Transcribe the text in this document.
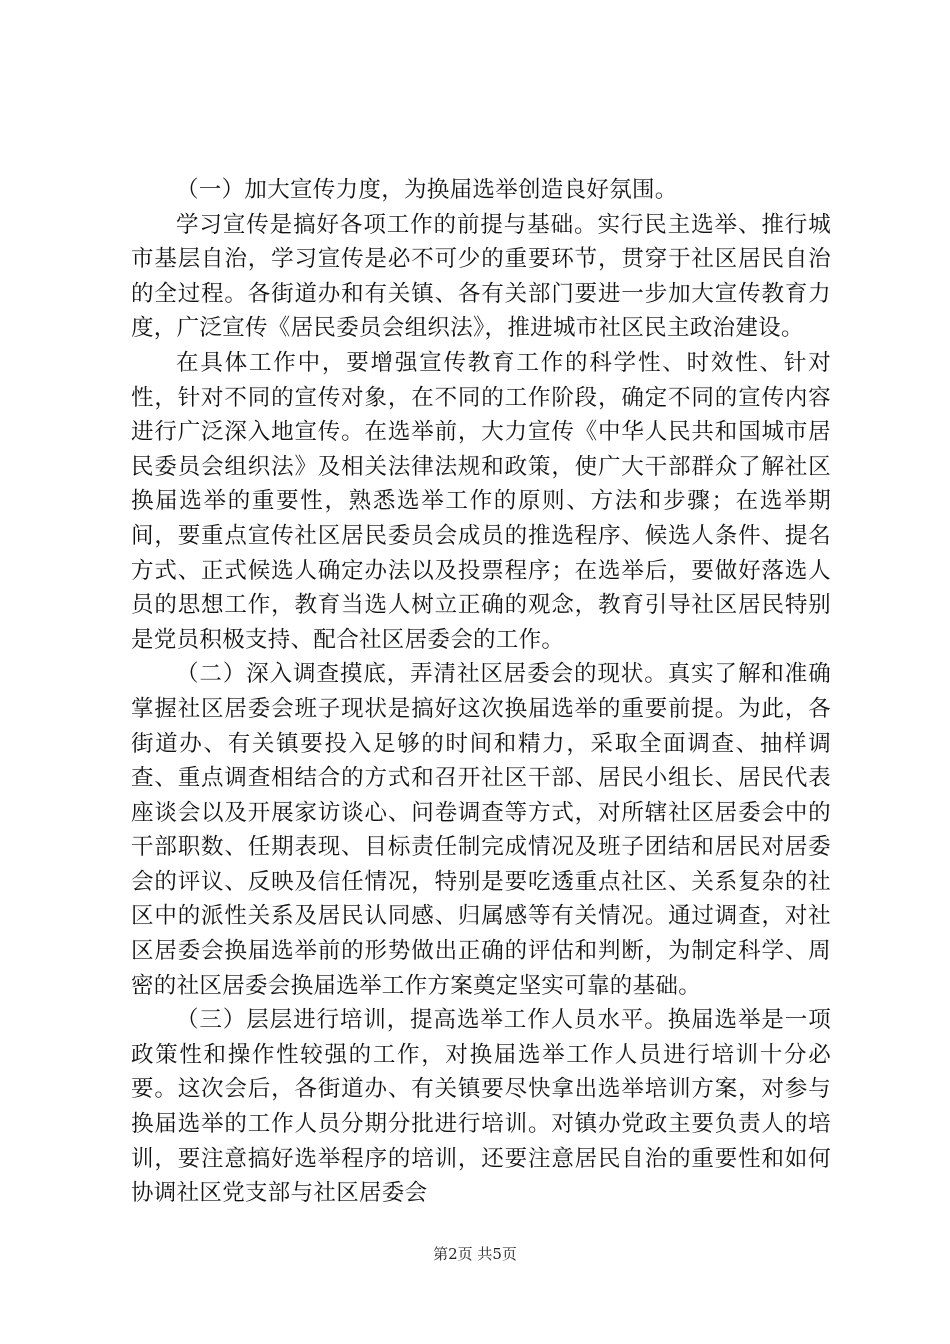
（一）加大宣传力度，为换届选举创造良好氛围。

学习宣传是搞好各项工作的前提与基础。实行民主选举、推行城市基层自治，学习宣传是必不可少的重要环节，贯穿于社区居民自治的全过程。各街道办和有关镇、各有关部门要进一步加大宣传教育力度，广泛宣传《居民委员会组织法》，推进城市社区民主政治建设。

在具体工作中，要增强宣传教育工作的科学性、时效性、针对性，针对不同的宣传对象，在不同的工作阶段，确定不同的宣传内容进行广泛深入地宣传。在选举前，大力宣传《中华人民共和国城市居民委员会组织法》及相关法律法规和政策，使广大干部群众了解社区换届选举的重要性，熟悉选举工作的原则、方法和步骤；在选举期间，要重点宣传社区居民委员会成员的推选程序、候选人条件、提名方式、正式候选人确定办法以及投票程序；在选举后，要做好落选人员的思想工作，教育当选人树立正确的观念，教育引导社区居民特别是党员积极支持、配合社区居委会的工作。

（二）深入调查摸底，弄清社区居委会的现状。真实了解和准确掌握社区居委会班子现状是搞好这次换届选举的重要前提。为此，各街道办、有关镇要投入足够的时间和精力，采取全面调查、抽样调查、重点调查相结合的方式和召开社区干部、居民小组长、居民代表座谈会以及开展家访谈心、问卷调查等方式，对所辖社区居委会中的干部职数、任期表现、目标责任制完成情况及班子团结和居民对居委会的评议、反映及信任情况，特别是要吃透重点社区、关系复杂的社区中的派性关系及居民认同感、归属感等有关情况。通过调查，对社区居委会换届选举前的形势做出正确的评估和判断，为制定科学、周密的社区居委会换届选举工作方案奠定坚实可靠的基础。

（三）层层进行培训，提高选举工作人员水平。换届选举是一项政策性和操作性较强的工作，对换届选举工作人员进行培训十分必要。这次会后，各街道办、有关镇要尽快拿出选举培训方案，对参与换届选举的工作人员分期分批进行培训。对镇办党政主要负责人的培训，要注意搞好选举程序的培训，还要注意居民自治的重要性和如何协调社区党支部与社区居委会

第2页 共5页
